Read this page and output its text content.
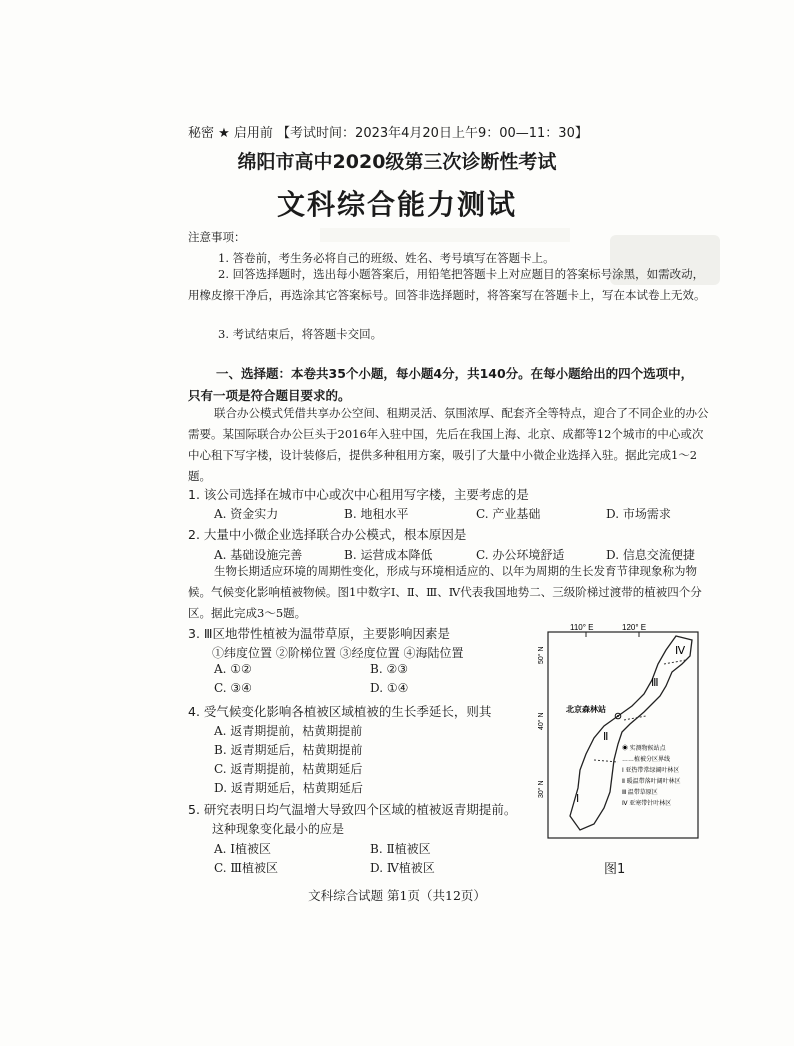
秘密 ★ 启用前 【考试时间：2023年4月20日上午9：00—11：30】
绵阳市高中2020级第三次诊断性考试
文科综合能力测试
注意事项：
1. 答卷前，考生务必将自己的班级、姓名、考号填写在答题卡上。
2. 回答选择题时，选出每小题答案后，用铅笔把答题卡上对应题目的答案标号涂黑，如需改动，用橡皮擦干净后，再选涂其它答案标号。回答非选择题时，将答案写在答题卡上，写在本试卷上无效。
3. 考试结束后，将答题卡交回。
一、选择题：本卷共35个小题，每小题4分，共140分。在每小题给出的四个选项中，
只有一项是符合题目要求的。
联合办公模式凭借共享办公空间、租期灵活、氛围浓厚、配套齐全等特点，迎合了不同企业的办公需要。某国际联合办公巨头于2016年入驻中国，先后在我国上海、北京、成都等12个城市的中心或次中心租下写字楼，设计装修后，提供多种租用方案，吸引了大量中小微企业选择入驻。据此完成1～2题。
1. 该公司选择在城市中心或次中心租用写字楼，主要考虑的是
A. 资金实力	B. 地租水平	C. 产业基础	D. 市场需求
2. 大量中小微企业选择联合办公模式，根本原因是
A. 基础设施完善	B. 运营成本降低	C. 办公环境舒适	D. 信息交流便捷
生物长期适应环境的周期性变化，形成与环境相适应的、以年为周期的生长发育节律现象称为物候。气候变化影响植被物候。图1中数字Ⅰ、Ⅱ、Ⅲ、Ⅳ代表我国地势二、三级阶梯过渡带的植被四个分区。据此完成3～5题。
3. Ⅲ区地带性植被为温带草原，主要影响因素是
①纬度位置 ②阶梯位置 ③经度位置 ④海陆位置
A. ①②	B. ②③
C. ③④	D. ①④
4. 受气候变化影响各植被区域植被的生长季延长，则其
A. 返青期提前，枯黄期提前
B. 返青期延后，枯黄期提前
C. 返青期提前，枯黄期延后
D. 返青期延后，枯黄期延后
5. 研究表明日均气温增大导致四个区域的植被返青期提前。
这种现象变化最小的应是
A. Ⅰ植被区	B. Ⅱ植被区
C. Ⅲ植被区	D. Ⅳ植被区
110° E	120° E
50° N
40° N
30° N
Ⅳ
Ⅲ
Ⅱ
Ⅰ
北京森林站
◉ 实测物候站点
……植被分区界线
Ⅰ 亚热带常绿阔叶林区
Ⅱ 暖温带落叶阔叶林区
Ⅲ 温带草原区
Ⅳ 亚寒带针叶林区
图1
文科综合试题 第1页（共12页）
